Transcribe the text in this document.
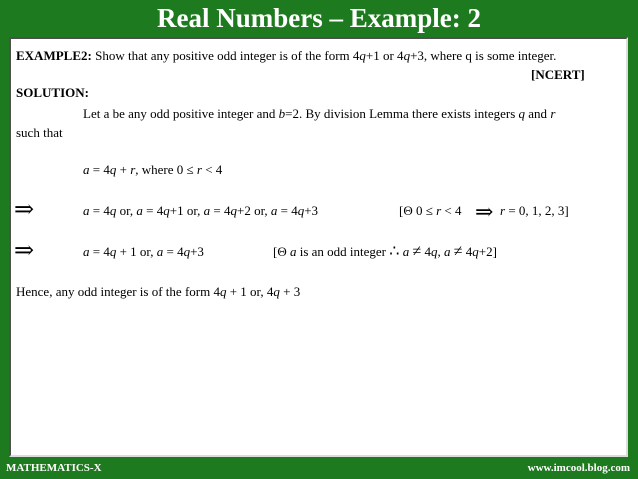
Real Numbers – Example: 2
EXAMPLE2: Show that any positive odd integer is of the form 4q+1 or 4q+3, where q is some integer.
[NCERT]
SOLUTION:
Let a be any odd positive integer and b=2. By division Lemma there exists integers q and r
such that
a = 4q + r, where 0 ≤ r < 4
⇒	a = 4q or, a = 4q+1 or, a = 4q+2 or, a = 4q+3	[Θ 0 ≤ r < 4 ⇒ r = 0, 1, 2, 3]
⇒	a = 4q + 1 or, a = 4q+3	[Θ a is an odd integer ∴ a ≠ 4q, a ≠ 4q+2]
Hence, any odd integer is of the form 4q + 1 or, 4q + 3
MATHEMATICS-X	www.imcool.blog.com
